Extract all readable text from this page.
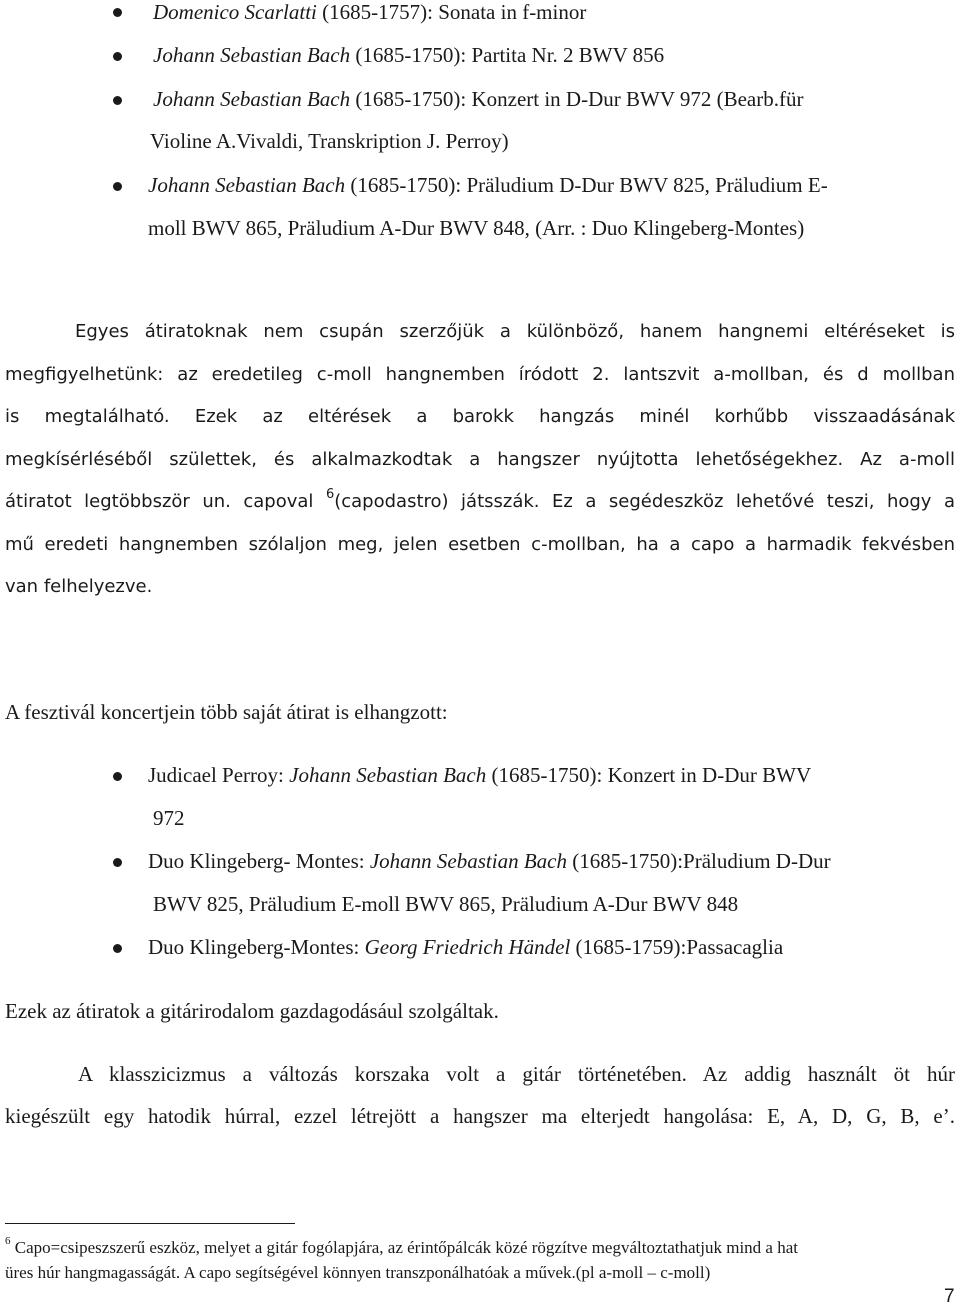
Domenico Scarlatti (1685-1757): Sonata in f-minor
Johann Sebastian Bach (1685-1750): Partita Nr. 2 BWV 856
Johann Sebastian Bach (1685-1750): Konzert in D-Dur BWV 972 (Bearb.für
Violine A.Vivaldi, Transkription J. Perroy)
Johann Sebastian Bach (1685-1750): Präludium D-Dur BWV 825, Präludium E-
moll BWV 865, Präludium A-Dur BWV 848, (Arr. : Duo Klingeberg-Montes)
Egyes átiratoknak nem csupán szerzőjük a különböző, hanem hangnemi eltéréseket is
megfigyelhetünk: az eredetileg c-moll hangnemben íródott 2. lantszvit a-mollban, és d mollban
is megtalálható. Ezek az eltérések a barokk hangzás minél korhűbb visszaadásának
megkísérléséből születtek, és alkalmazkodtak a hangszer nyújtotta lehetőségekhez. Az a-moll
átiratot legtöbbször un. capoval $^6$(capodastro) játsszák. Ez a segédeszköz lehetővé teszi, hogy a
mű eredeti hangnemben szólaljon meg, jelen esetben c-mollban, ha a capo a harmadik fekvésben
van felhelyezve.
A fesztivál koncertjein több saját átirat is elhangzott:
Judicael Perroy: Johann Sebastian Bach (1685-1750): Konzert in D-Dur BWV
972
Duo Klingeberg- Montes: Johann Sebastian Bach (1685-1750):Präludium D-Dur
BWV 825, Präludium E-moll BWV 865, Präludium A-Dur BWV 848
Duo Klingeberg-Montes: Georg Friedrich Händel (1685-1759):Passacaglia
Ezek az átiratok a gitárirodalom gazdagodásául szolgáltak.
A klasszicizmus a változás korszaka volt a gitár történetében. Az addig használt öt húr
kiegészült egy hatodik húrral, ezzel létrejött a hangszer ma elterjedt hangolása: E, A, D, G, B, e’.
$^6$ Capo=csipeszszerű eszköz, melyet a gitár fogólapjára, az érintőpálcák közé rögzítve megváltoztathatjuk mind a hat
üres húr hangmagasságát. A capo segítségével könnyen transzponálhatóak a művek.(pl a-moll – c-moll)
7
